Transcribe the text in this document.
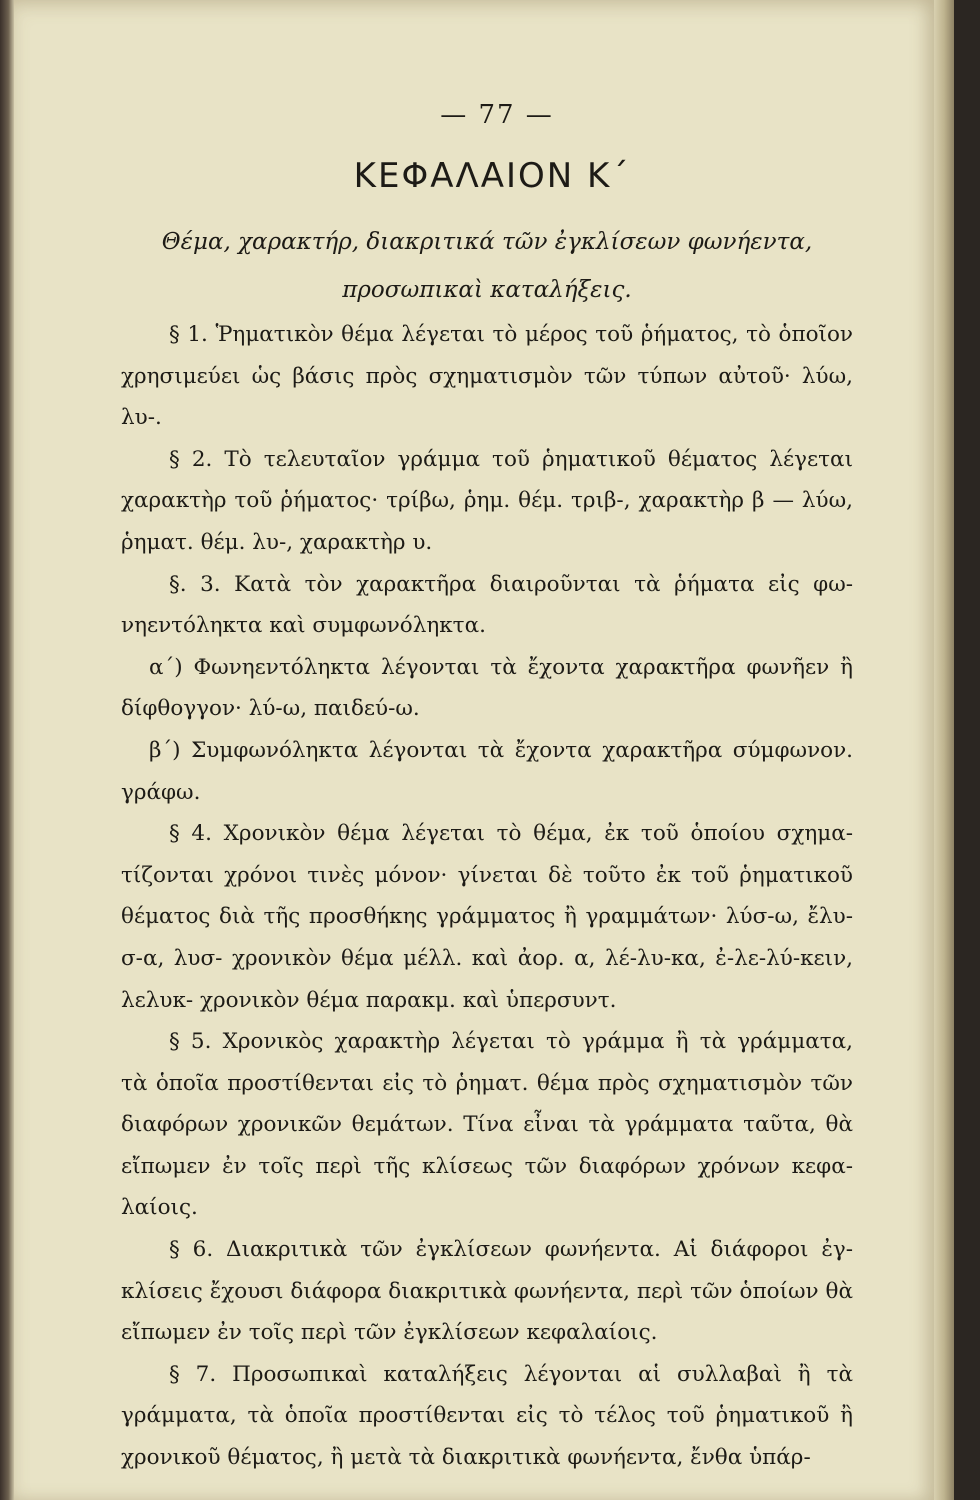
— 77 —
ΚΕΦΑΛΑΙΟΝ Κ΄
Θέμα, χαρακτήρ, διακριτικά τῶν ἐγκλίσεων φωνήεντα,
προσωπικαὶ καταλήξεις.
§ 1. Ῥηματικὸν θέμα λέγεται τὸ μέρος τοῦ ῥήματος, τὸ ὁποῖον
χρησιμεύει ὡς βάσις πρὸς σχηματισμὸν τῶν τύπων αὐτοῦ· λύω, λυ-.
§ 2. Τὸ τελευταῖον γράμμα τοῦ ῥηματικοῦ θέματος λέγεται
χαρακτὴρ τοῦ ῥήματος· τρίβω, ῥημ. θέμ. τριβ-, χαρακτὴρ β — λύω,
ῥηματ. θέμ. λυ-, χαρακτὴρ υ.
§. 3. Κατὰ τὸν χαρακτῆρα διαιροῦνται τὰ ῥήματα εἰς φω-
νηεντόληκτα καὶ συμφωνόληκτα.
α΄) Φωνηεντόληκτα λέγονται τὰ ἔχοντα χαρακτῆρα φωνῆεν ἢ
δίφθογγον· λύ-ω, παιδεύ-ω.
β΄) Συμφωνόληκτα λέγονται τὰ ἔχοντα χαρακτῆρα σύμφωνον.
γράφω.
§ 4. Χρονικὸν θέμα λέγεται τὸ θέμα, ἐκ τοῦ ὁποίου σχημα-
τίζονται χρόνοι τινὲς μόνον· γίνεται δὲ τοῦτο ἐκ τοῦ ῥηματικοῦ
θέματος διὰ τῆς προσθήκης γράμματος ἢ γραμμάτων· λύσ-ω, ἔλυ-
σ-α, λυσ- χρονικὸν θέμα μέλλ. καὶ ἀορ. α, λέ-λυ-κα, ἐ-λε-λύ-κειν,
λελυκ- χρονικὸν θέμα παρακμ. καὶ ὑπερσυντ.
§ 5. Χρονικὸς χαρακτὴρ λέγεται τὸ γράμμα ἢ τὰ γράμματα,
τὰ ὁποῖα προστίθενται εἰς τὸ ῥηματ. θέμα πρὸς σχηματισμὸν τῶν
διαφόρων χρονικῶν θεμάτων. Τίνα εἶναι τὰ γράμματα ταῦτα, θὰ
εἴπωμεν ἐν τοῖς περὶ τῆς κλίσεως τῶν διαφόρων χρόνων κεφα-
λαίοις.
§ 6. Διακριτικὰ τῶν ἐγκλίσεων φωνήεντα. Αἱ διάφοροι ἐγ-
κλίσεις ἔχουσι διάφορα διακριτικὰ φωνήεντα, περὶ τῶν ὁποίων θὰ
εἴπωμεν ἐν τοῖς περὶ τῶν ἐγκλίσεων κεφαλαίοις.
§ 7. Προσωπικαὶ καταλήξεις λέγονται αἱ συλλαβαὶ ἢ τὰ
γράμματα, τὰ ὁποῖα προστίθενται εἰς τὸ τέλος τοῦ ῥηματικοῦ ἢ
χρονικοῦ θέματος, ἢ μετὰ τὰ διακριτικὰ φωνήεντα, ἔνθα ὑπάρ-
